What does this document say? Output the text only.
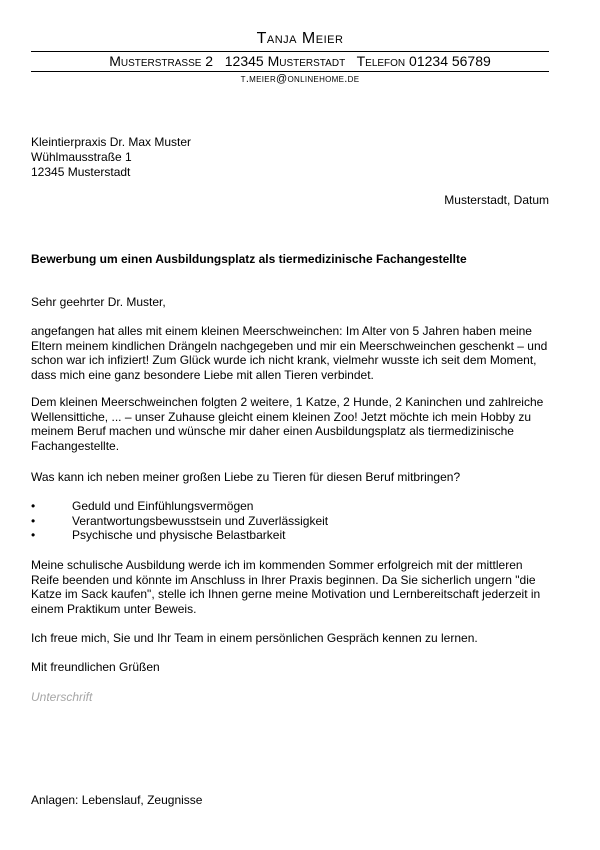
Tanja Meier
Musterstraße 2   12345 Musterstadt   Telefon 01234 56789
t.meier@onlinehome.de
Kleintierpraxis Dr. Max Muster
Wühlmausstraße 1
12345 Musterstadt
Musterstadt, Datum
Bewerbung um einen Ausbildungsplatz als tiermedizinische Fachangestellte
Sehr geehrter Dr. Muster,
angefangen hat alles mit einem kleinen Meerschweinchen: Im Alter von 5 Jahren haben meine Eltern meinem kindlichen Drängeln nachgegeben und mir ein Meerschweinchen geschenkt – und schon war ich infiziert! Zum Glück wurde ich nicht krank, vielmehr wusste ich seit dem Moment, dass mich eine ganz besondere Liebe mit allen Tieren verbindet.
Dem kleinen Meerschweinchen folgten 2 weitere, 1 Katze, 2 Hunde, 2 Kaninchen und zahlreiche Wellensittiche, ... – unser Zuhause gleicht einem kleinen Zoo! Jetzt möchte ich mein Hobby zu meinem Beruf machen und wünsche mir daher einen Ausbildungsplatz als tiermedizinische Fachangestellte.
Was kann ich neben meiner großen Liebe zu Tieren für diesen Beruf mitbringen?
•	Geduld und Einfühlungsvermögen
•	Verantwortungsbewusstsein und Zuverlässigkeit
•	Psychische und physische Belastbarkeit
Meine schulische Ausbildung werde ich im kommenden Sommer erfolgreich mit der mittleren Reife beenden und könnte im Anschluss in Ihrer Praxis beginnen. Da Sie sicherlich ungern "die Katze im Sack kaufen", stelle ich Ihnen gerne meine Motivation und Lernbereitschaft jederzeit in einem Praktikum unter Beweis.
Ich freue mich, Sie und Ihr Team in einem persönlichen Gespräch kennen zu lernen.
Mit freundlichen Grüßen
Unterschrift
Anlagen: Lebenslauf, Zeugnisse
